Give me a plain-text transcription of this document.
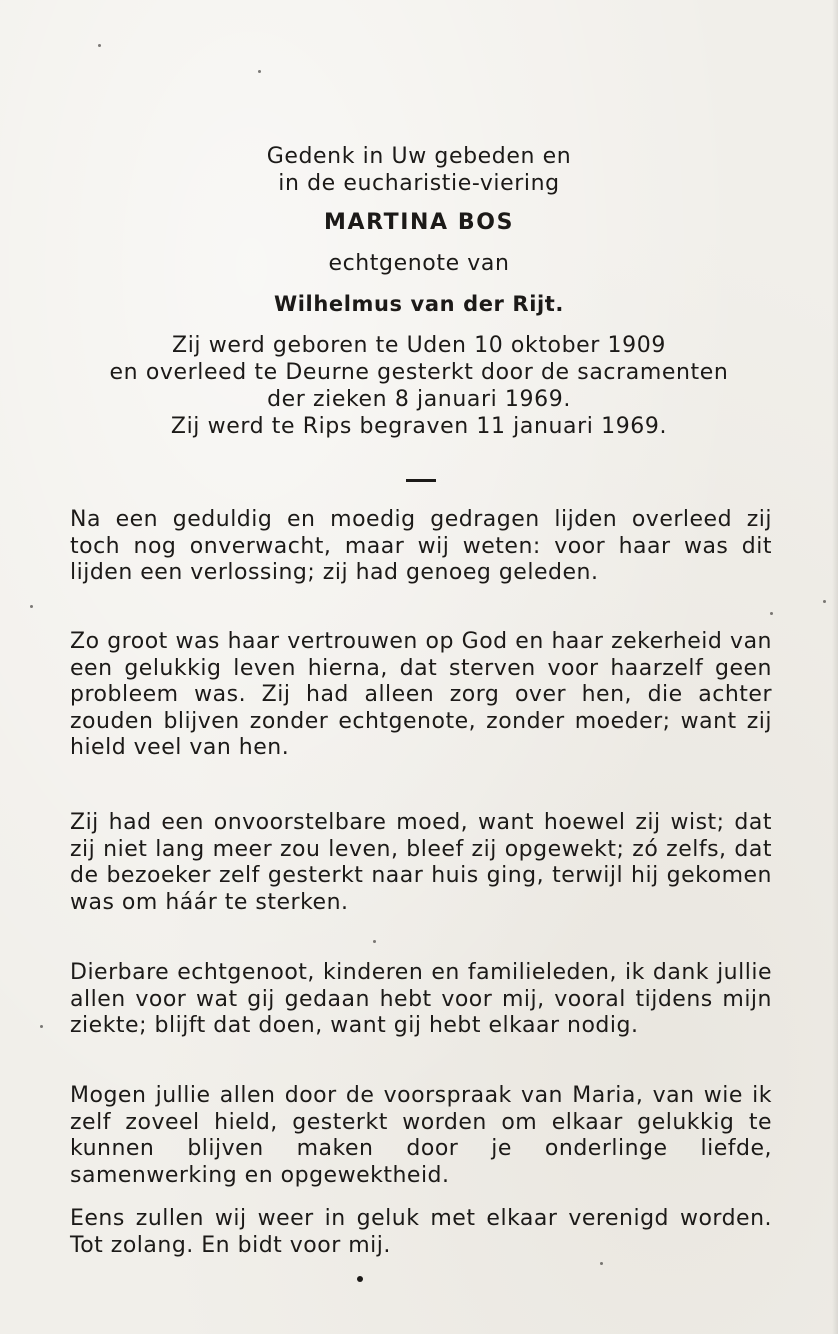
Gedenk in Uw gebeden en
in de eucharistie-viering
MARTINA BOS
echtgenote van
Wilhelmus van der Rijt.
Zij werd geboren te Uden 10 oktober 1909
en overleed te Deurne gesterkt door de sacramenten
der zieken 8 januari 1969.
Zij werd te Rips begraven 11 januari 1969.

Na een geduldig en moedig gedragen lijden overleed zij toch nog onverwacht, maar wij weten: voor haar was dit lijden een verlossing; zij had genoeg geleden.

Zo groot was haar vertrouwen op God en haar zekerheid van een gelukkig leven hierna, dat sterven voor haarzelf geen probleem was. Zij had alleen zorg over hen, die achter zouden blijven zonder echtgenote, zonder moeder; want zij hield veel van hen.

Zij had een onvoorstelbare moed, want hoewel zij wist; dat zij niet lang meer zou leven, bleef zij opgewekt; zó zelfs, dat de bezoeker zelf gesterkt naar huis ging, terwijl hij gekomen was om háár te sterken.

Dierbare echtgenoot, kinderen en familieleden, ik dank jullie allen voor wat gij gedaan hebt voor mij, vooral tijdens mijn ziekte; blijft dat doen, want gij hebt elkaar nodig.

Mogen jullie allen door de voorspraak van Maria, van wie ik zelf zoveel hield, gesterkt worden om elkaar gelukkig te kunnen blijven maken door je onderlinge liefde, samenwerking en opgewektheid.

Eens zullen wij weer in geluk met elkaar verenigd worden. Tot zolang. En bidt voor mij.
